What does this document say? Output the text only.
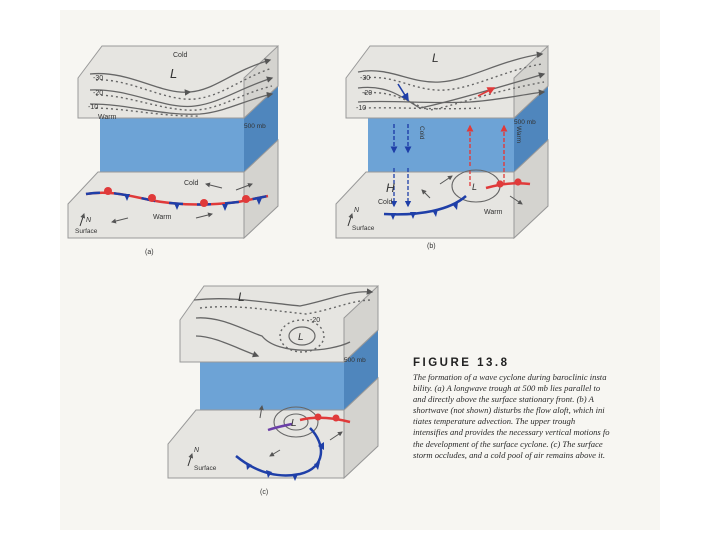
Cold
L
-30
-20
-10
Warm
500 mb
Cold
Warm
N
Surface
(a)
L
-30
-20
-10
500 mb
Cold	Warm
H	L
Cold
Warm
N
Surface
(b)
L
L
-20
500 mb
L
N
Surface
(c)
FIGURE 13.8
The formation of a wave cyclone during baroclinic insta
bility. (a) A longwave trough at 500 mb lies parallel to
and directly above the surface stationary front. (b) A
shortwave (not shown) disturbs the flow aloft, which ini
tiates temperature advection. The upper trough
intensifies and provides the necessary vertical motions fo
the development of the surface cyclone. (c) The surface
storm occludes, and a cold pool of air remains above it.
